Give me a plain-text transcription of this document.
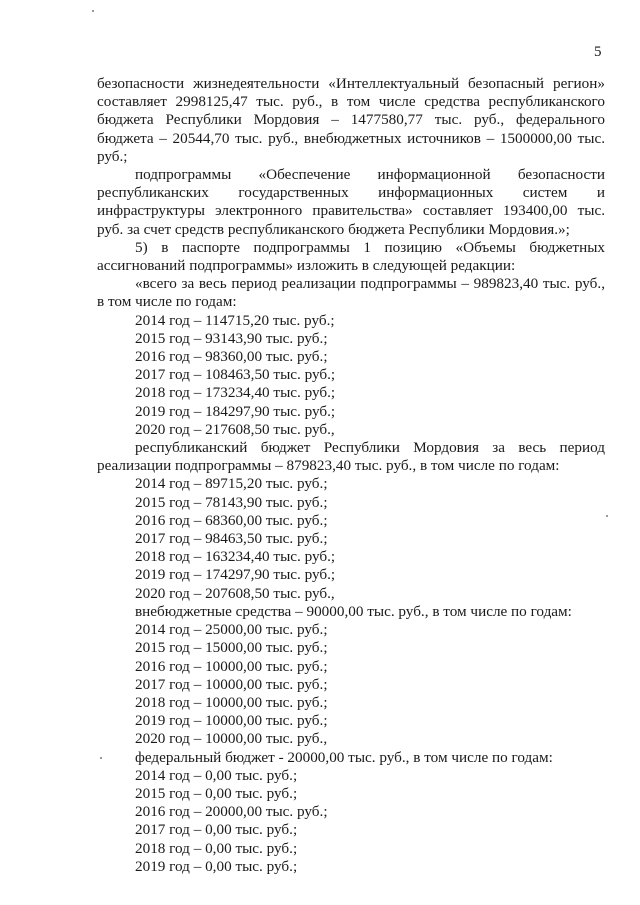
5
безопасности жизнедеятельности «Интеллектуальный безопасный регион»
составляет 2998125,47 тыс. руб., в том числе средства республиканского
бюджета Республики Мордовия – 1477580,77 тыс. руб., федерального
бюджета – 20544,70 тыс. руб., внебюджетных источников – 1500000,00 тыс.
руб.;
подпрограммы «Обеспечение информационной безопасности
республиканских государственных информационных систем и
инфраструктуры электронного правительства» составляет 193400,00 тыс.
руб. за счет средств республиканского бюджета Республики Мордовия.»;
5) в паспорте подпрограммы 1 позицию «Объемы бюджетных
ассигнований подпрограммы» изложить в следующей редакции:
«всего за весь период реализации подпрограммы – 989823,40 тыс. руб.,
в том числе по годам:
2014 год – 114715,20 тыс. руб.;
2015 год – 93143,90 тыс. руб.;
2016 год – 98360,00 тыс. руб.;
2017 год – 108463,50 тыс. руб.;
2018 год – 173234,40 тыс. руб.;
2019 год – 184297,90 тыс. руб.;
2020 год – 217608,50 тыс. руб.,
республиканский бюджет Республики Мордовия за весь период
реализации подпрограммы – 879823,40 тыс. руб., в том числе по годам:
2014 год – 89715,20 тыс. руб.;
2015 год – 78143,90 тыс. руб.;
2016 год – 68360,00 тыс. руб.;
2017 год – 98463,50 тыс. руб.;
2018 год – 163234,40 тыс. руб.;
2019 год – 174297,90 тыс. руб.;
2020 год – 207608,50 тыс. руб.,
внебюджетные средства – 90000,00 тыс. руб., в том числе по годам:
2014 год – 25000,00 тыс. руб.;
2015 год – 15000,00 тыс. руб.;
2016 год – 10000,00 тыс. руб.;
2017 год – 10000,00 тыс. руб.;
2018 год – 10000,00 тыс. руб.;
2019 год – 10000,00 тыс. руб.;
2020 год – 10000,00 тыс. руб.,
федеральный бюджет - 20000,00 тыс. руб., в том числе по годам:
2014 год – 0,00 тыс. руб.;
2015 год – 0,00 тыс. руб.;
2016 год – 20000,00 тыс. руб.;
2017 год – 0,00 тыс. руб.;
2018 год – 0,00 тыс. руб.;
2019 год – 0,00 тыс. руб.;
